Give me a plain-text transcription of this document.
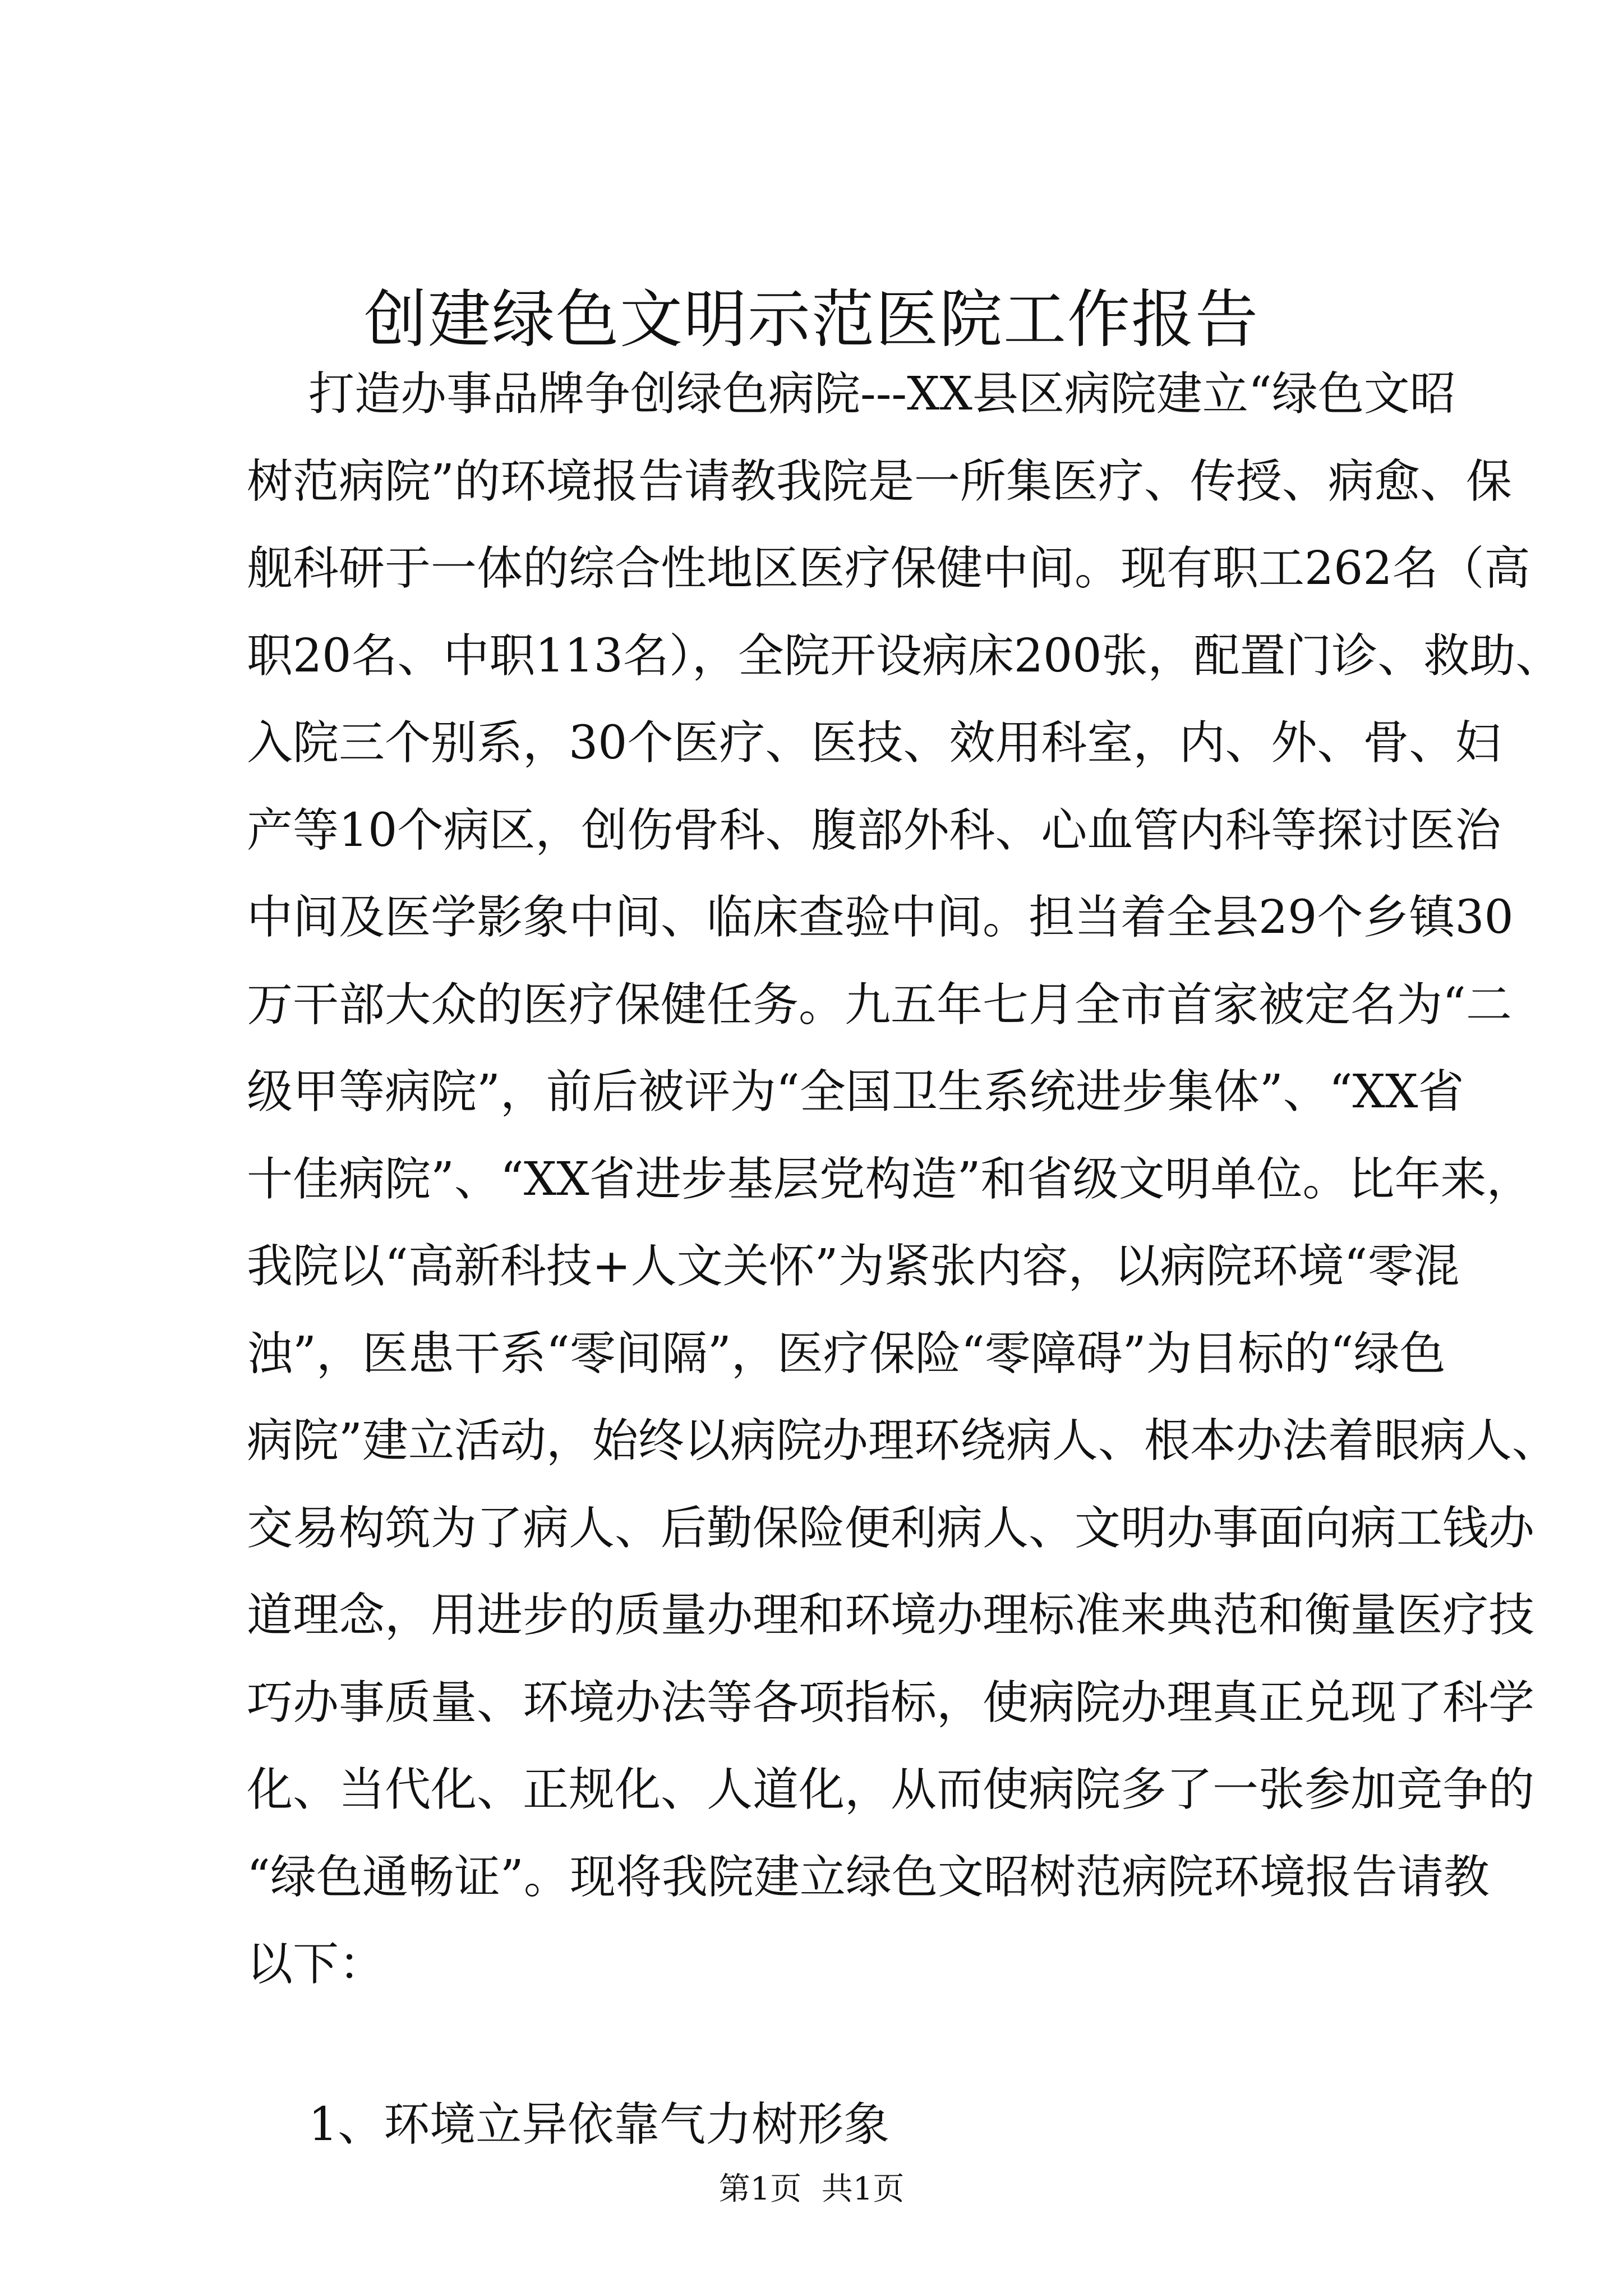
创建绿色文明示范医院工作报告
打造办事品牌争创绿色病院---XX县区病院建立“绿色文昭
树范病院”的环境报告请教我院是一所集医疗、传授、病愈、保
舰科研于一体的综合性地区医疗保健中间。现有职工262名（高
职20名、中职113名），全院开设病床200张，配置门诊、救助、
入院三个别系，30个医疗、医技、效用科室，内、外、骨、妇
产等10个病区，创伤骨科、腹部外科、心血管内科等探讨医治
中间及医学影象中间、临床查验中间。担当着全县29个乡镇30
万干部大众的医疗保健任务。九五年七月全市首家被定名为“二
级甲等病院”，前后被评为“全国卫生系统进步集体”、“XX省
十佳病院”、“XX省进步基层党构造”和省级文明单位。比年来，
我院以“高新科技+人文关怀”为紧张内容，以病院环境“零混
浊”，医患干系“零间隔”，医疗保险“零障碍”为目标的“绿色
病院”建立活动，始终以病院办理环绕病人、根本办法着眼病人、
交易构筑为了病人、后勤保险便利病人、文明办事面向病工钱办
道理念，用进步的质量办理和环境办理标准来典范和衡量医疗技
巧办事质量、环境办法等各项指标，使病院办理真正兑现了科学
化、当代化、正规化、人道化，从而使病院多了一张参加竞争的
“绿色通畅证”。现将我院建立绿色文昭树范病院环境报告请教
以下：

1、环境立异依靠气力树形象

第1页  共1页
